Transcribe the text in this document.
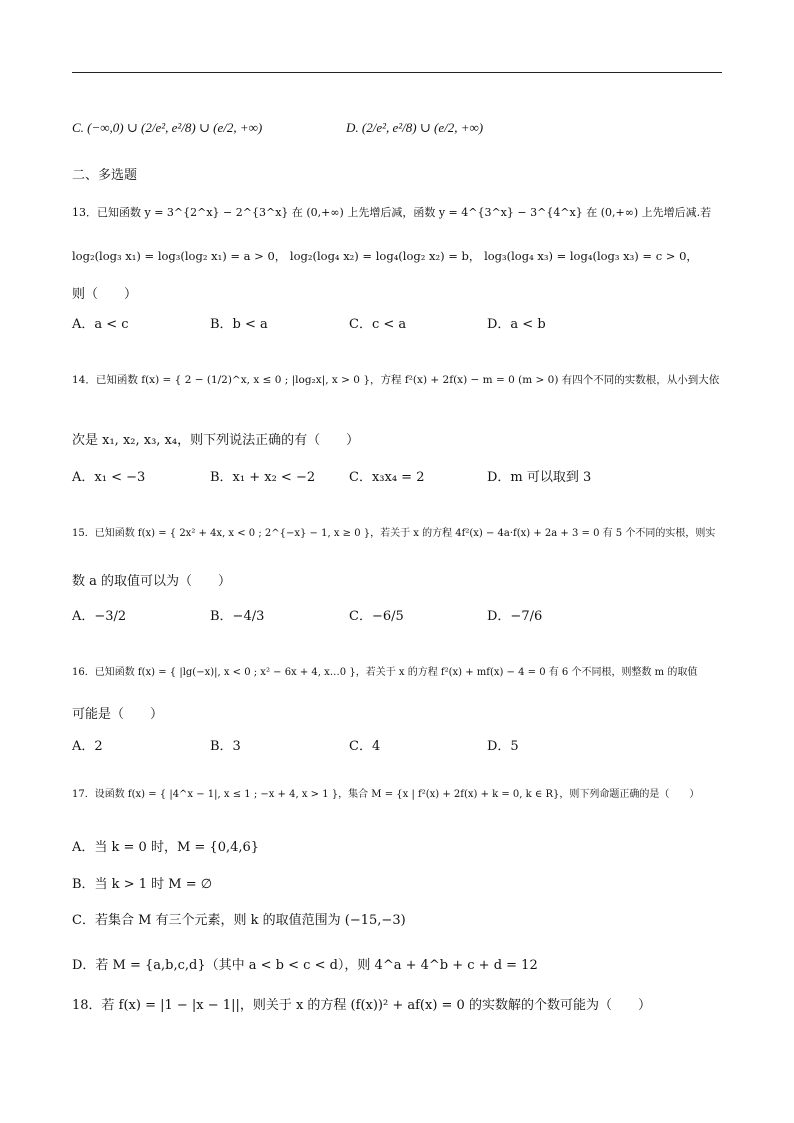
C. (−∞,0) ∪ (2/e², e²/8) ∪ (e/2, +∞)	D. (2/e², e²/8) ∪ (e/2, +∞)
二、多选题
13．已知函数 y = 3^{2^x} − 2^{3^x} 在 (0,+∞) 上先增后减，函数 y = 4^{3^x} − 3^{4^x} 在 (0,+∞) 上先增后减.若
log₂(log₃ x₁) = log₃(log₂ x₁) = a > 0， log₂(log₄ x₂) = log₄(log₂ x₂) = b， log₃(log₄ x₃) = log₄(log₃ x₃) = c > 0，
则（　　）
A．a < c	B．b < a	C．c < a	D．a < b
14．已知函数 f(x) = { 2 − (1/2)^x, x ≤ 0 ; |log₂x|, x > 0 }，方程 f²(x) + 2f(x) − m = 0 (m > 0) 有四个不同的实数根，从小到大依
次是 x₁, x₂, x₃, x₄，则下列说法正确的有（　　）
A．x₁ < −3	B．x₁ + x₂ < −2	C．x₃x₄ = 2	D．m 可以取到 3
15．已知函数 f(x) = { 2x² + 4x, x < 0 ; 2^{−x} − 1, x ≥ 0 }，若关于 x 的方程 4f²(x) − 4a·f(x) + 2a + 3 = 0 有 5 个不同的实根，则实
数 a 的取值可以为（　　）
A．−3/2	B．−4/3	C．−6/5	D．−7/6
16．已知函数 f(x) = { |lg(−x)|, x < 0 ; x² − 6x + 4, x…0 }，若关于 x 的方程 f²(x) + mf(x) − 4 = 0 有 6 个不同根，则整数 m 的取值
可能是（　　）
A．2	B．3	C．4	D．5
17．设函数 f(x) = { |4^x − 1|, x ≤ 1 ; −x + 4, x > 1 }，集合 M = {x | f²(x) + 2f(x) + k = 0, k ∈ R}，则下列命题正确的是（　　）
A．当 k = 0 时，M = {0,4,6}
B．当 k > 1 时 M = ∅
C．若集合 M 有三个元素，则 k 的取值范围为 (−15,−3)
D．若 M = {a,b,c,d}（其中 a < b < c < d），则 4^a + 4^b + c + d = 12
18．若 f(x) = |1 − |x − 1||，则关于 x 的方程 (f(x))² + af(x) = 0 的实数解的个数可能为（　　）
